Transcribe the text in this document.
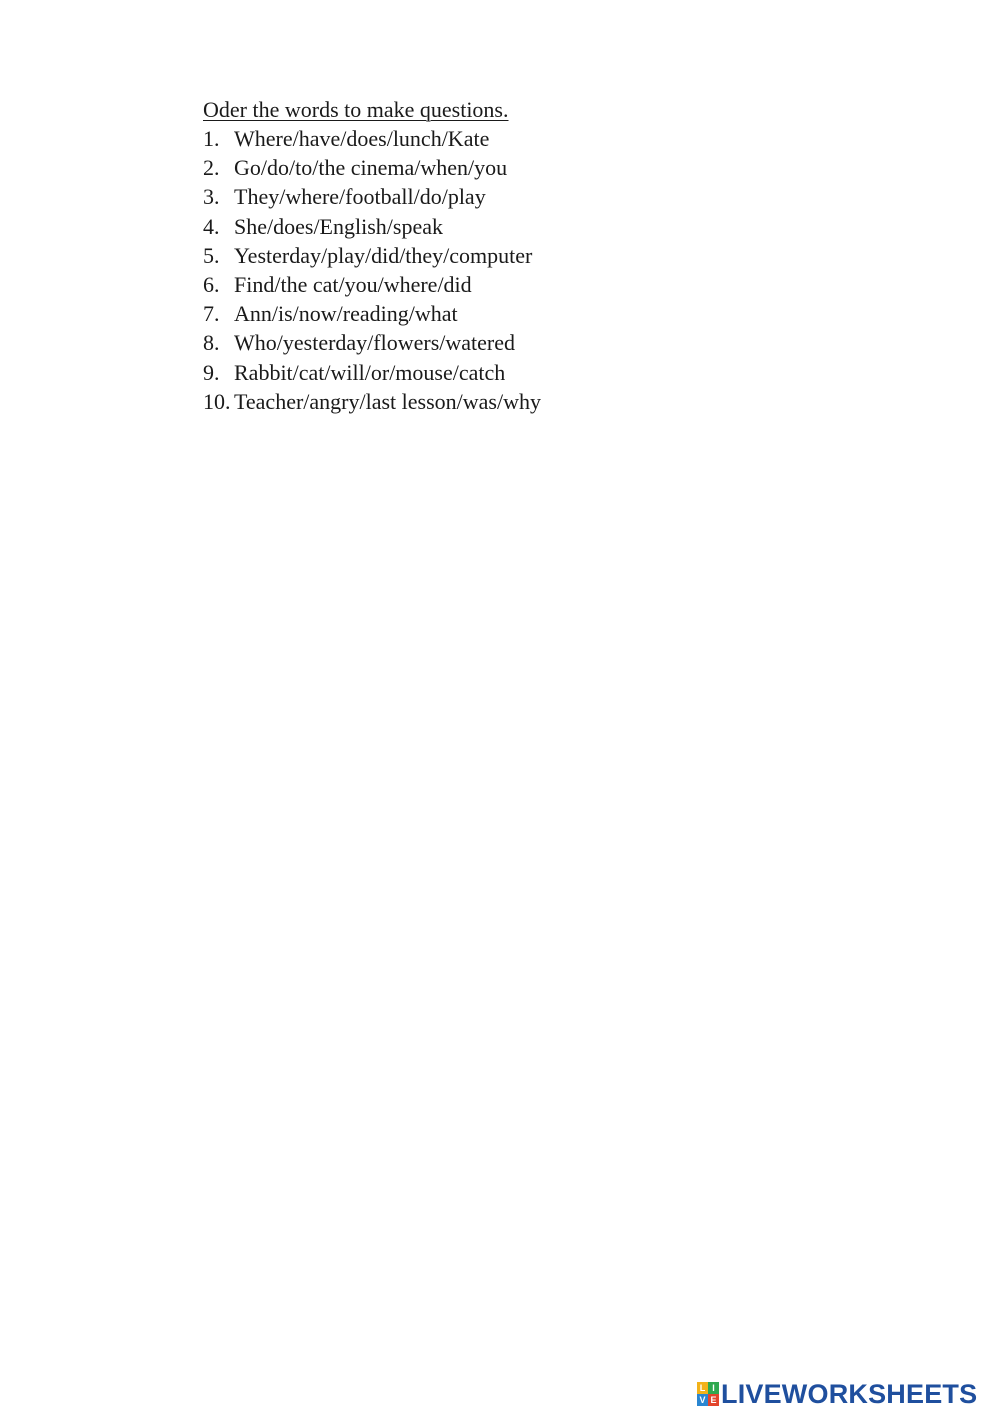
Oder the words to make questions.

1. Where/have/does/lunch/Kate
2. Go/do/to/the cinema/when/you
3. They/where/football/do/play
4. She/does/English/speak
5. Yesterday/play/did/they/computer
6. Find/the cat/you/where/did
7. Ann/is/now/reading/what
8. Who/yesterday/flowers/watered
9. Rabbit/cat/will/or/mouse/catch
10. Teacher/angry/last lesson/was/why
L I
V E LIVEWORKSHEETS
